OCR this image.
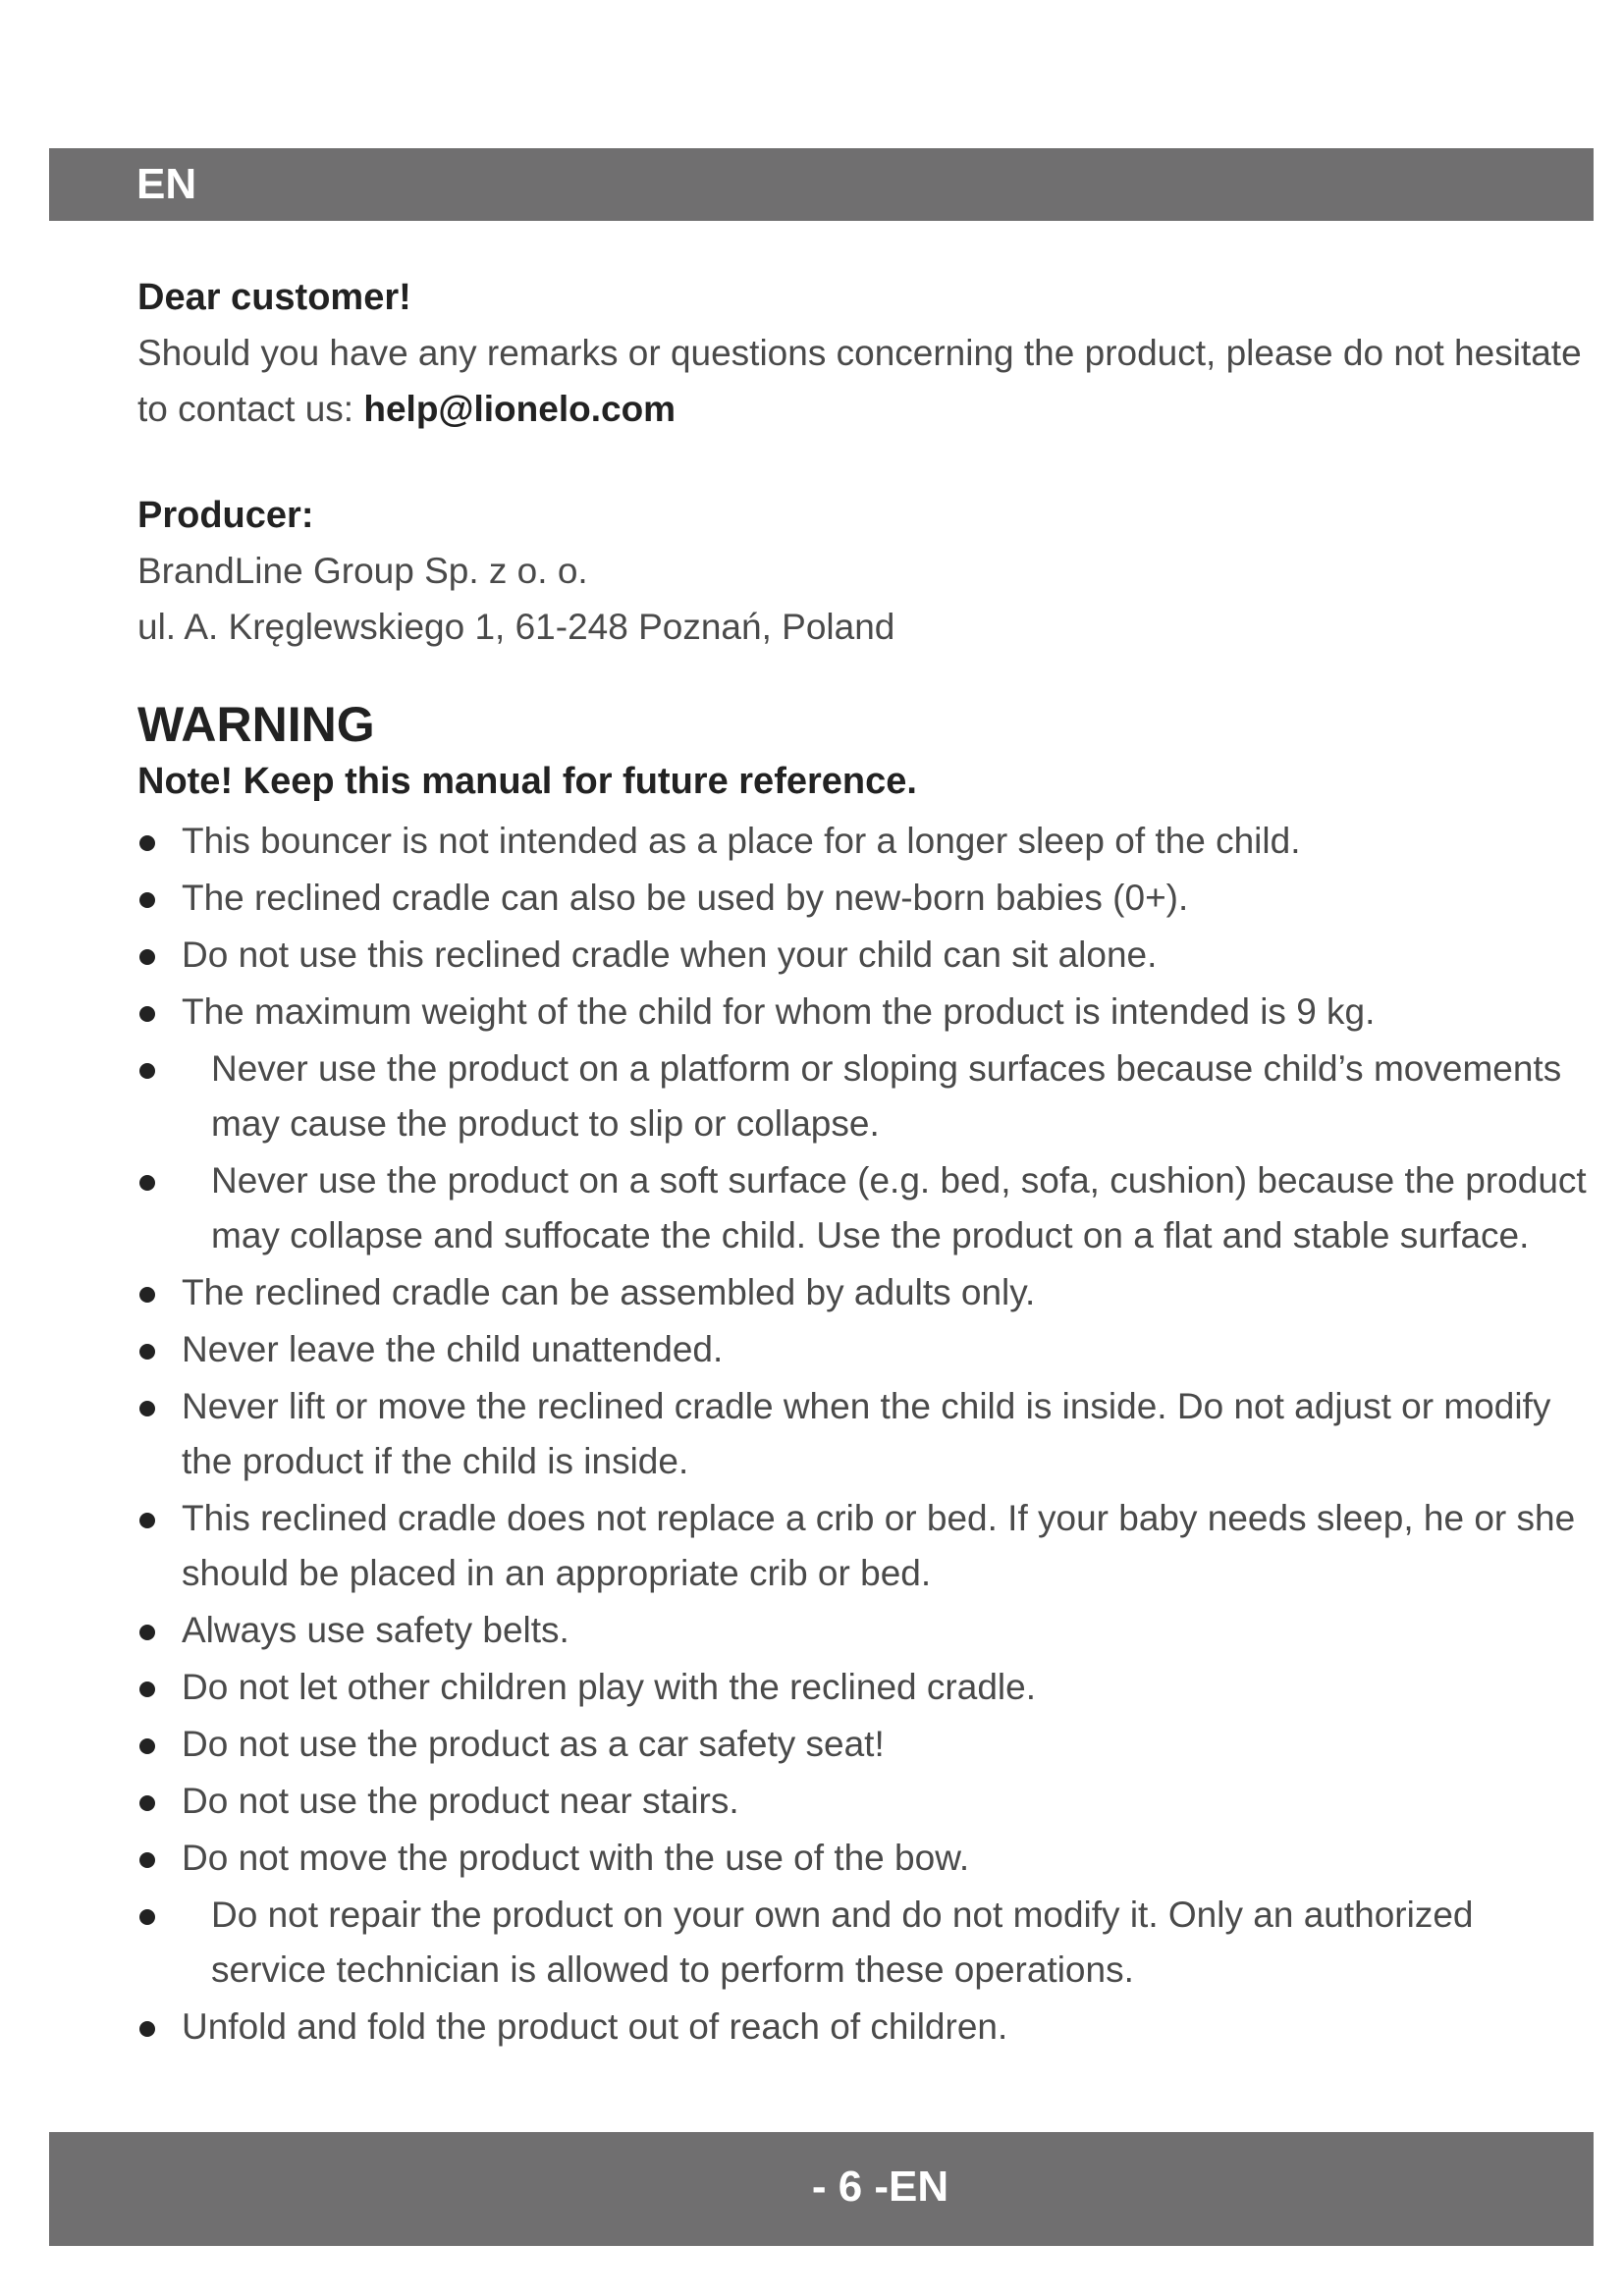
EN

Dear customer!

Should you have any remarks or questions concerning the product, please do not hesitate to contact us: help@lionelo.com

Producer:

BrandLine Group Sp. z o. o.

ul. A. Kręglewskiego 1, 61-248 Poznań, Poland

WARNING

Note! Keep this manual for future reference.

This bouncer is not intended as a place for a longer sleep of the child.
The reclined cradle can also be used by new-born babies (0+).
Do not use this reclined cradle when your child can sit alone.
The maximum weight of the child for whom the product is intended is 9 kg.
Never use the product on a platform or sloping surfaces because child’s movements may cause the product to slip or collapse.
Never use the product on a soft surface (e.g. bed, sofa, cushion) because the product may collapse and suffocate the child. Use the product on a flat and stable surface.
The reclined cradle can be assembled by adults only.
Never leave the child unattended.
Never lift or move the reclined cradle when the child is inside. Do not adjust or modify the product if the child is inside.
This reclined cradle does not replace a crib or bed. If your baby needs sleep, he or she should be placed in an appropriate crib or bed.
Always use safety belts.
Do not let other children play with the reclined cradle.
Do not use the product as a car safety seat!
Do not use the product near stairs.
Do not move the product with the use of the bow.
Do not repair the product on your own and do not modify it. Only an authorized service technician is allowed to perform these operations.
Unfold and fold the product out of reach of children.
- 6 -EN
